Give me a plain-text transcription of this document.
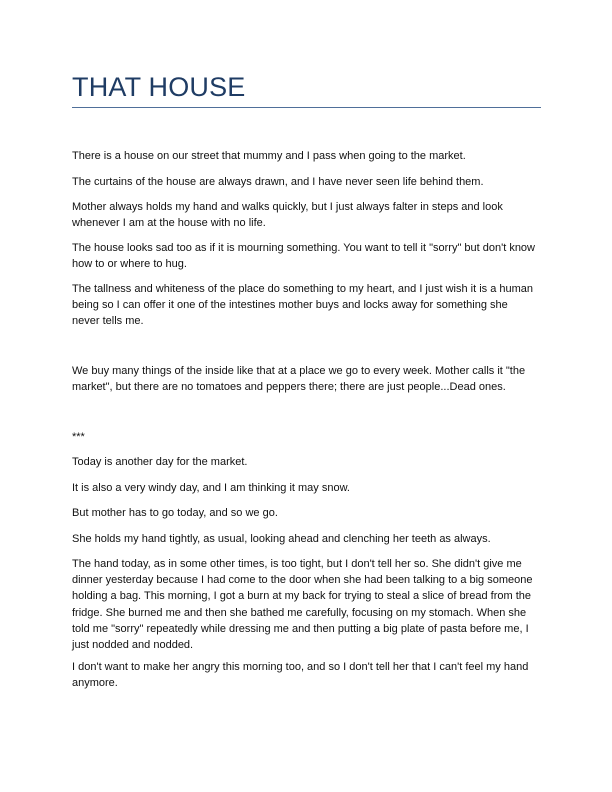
THAT HOUSE

There is a house on our street that mummy and I pass when going to the market.

The curtains of the house are always drawn, and I have never seen life behind them.

Mother always holds my hand and walks quickly, but I just always falter in steps and look
whenever I am at the house with no life.

The house looks sad too as if it is mourning something. You want to tell it "sorry" but don't know
how to or where to hug.

The tallness and whiteness of the place do something to my heart, and I just wish it is a human
being so I can offer it one of the intestines mother buys and locks away for something she
never tells me.

We buy many things of the inside like that at a place we go to every week. Mother calls it "the
market", but there are no tomatoes and peppers there; there are just people...Dead ones.

***

Today is another day for the market.

It is also a very windy day, and I am thinking it may snow.

But mother has to go today, and so we go.

She holds my hand tightly, as usual, looking ahead and clenching her teeth as always.

The hand today, as in some other times, is too tight, but I don't tell her so. She didn't give me
dinner yesterday because I had come to the door when she had been talking to a big someone
holding a bag. This morning, I got a burn at my back for trying to steal a slice of bread from the
fridge. She burned me and then she bathed me carefully, focusing on my stomach. When she
told me "sorry" repeatedly while dressing me and then putting a big plate of pasta before me, I
just nodded and nodded.

I don't want to make her angry this morning too, and so I don't tell her that I can't feel my hand
anymore.
